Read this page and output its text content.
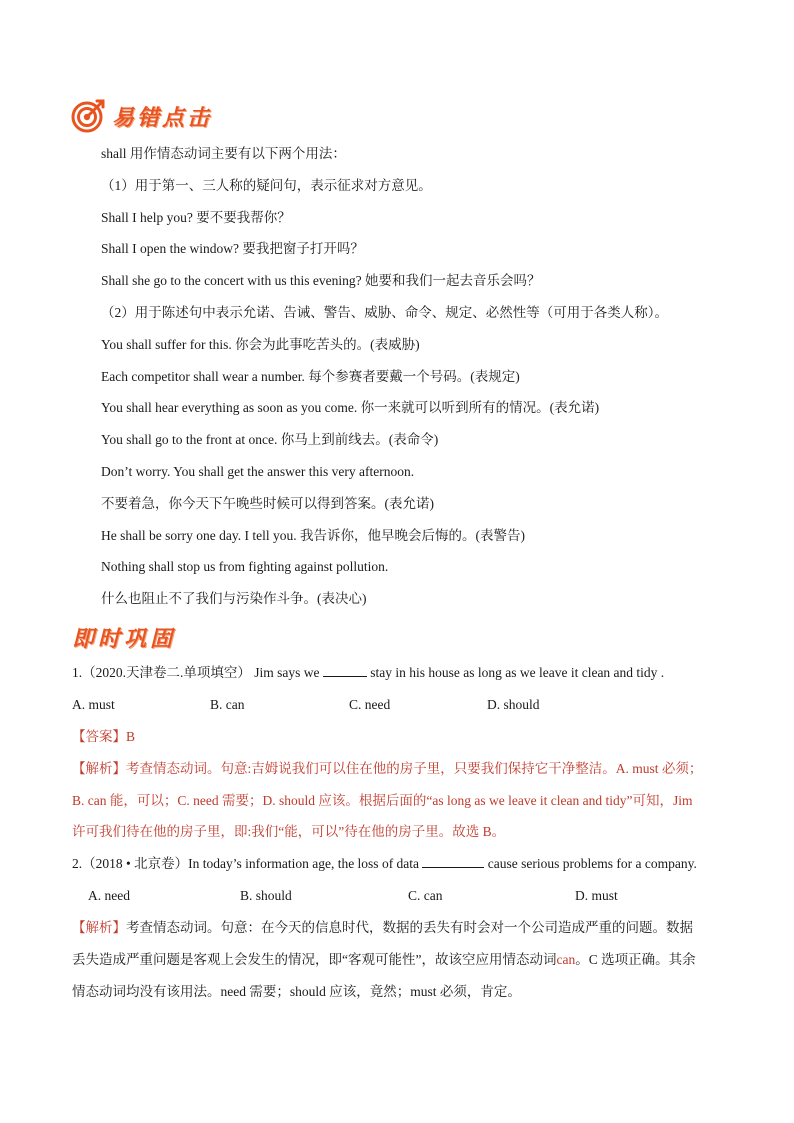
易错点击
shall 用作情态动词主要有以下两个用法：
（1）用于第一、三人称的疑问句，表示征求对方意见。
Shall I help you? 要不要我帮你？
Shall I open the window? 要我把窗子打开吗？
Shall she go to the concert with us this evening? 她要和我们一起去音乐会吗？
（2）用于陈述句中表示允诺、告诫、警告、威胁、命令、规定、必然性等（可用于各类人称）。
You shall suffer for this. 你会为此事吃苦头的。(表威胁)
Each competitor shall wear a number. 每个参赛者要戴一个号码。(表规定)
You shall hear everything as soon as you come. 你一来就可以听到所有的情况。(表允诺)
You shall go to the front at once. 你马上到前线去。(表命令)
Don’t worry. You shall get the answer this very afternoon.
不要着急，你今天下午晚些时候可以得到答案。(表允诺)
He shall be sorry one day. I tell you. 我告诉你，他早晚会后悔的。(表警告)
Nothing shall stop us from fighting against pollution.
什么也阻止不了我们与污染作斗争。(表决心)
即时巩固
1.（2020.天津卷二.单项填空） Jim says we	stay in his house as long as we leave it clean and tidy .
A. must	B. can	C. need	D. should
【答案】B
【解析】考查情态动词。句意:吉姆说我们可以住在他的房子里，只要我们保持它干净整洁。A. must 必须；
B. can 能，可以；C. need 需要；D. should 应该。根据后面的“as long as we leave it clean and tidy”可知，Jim
许可我们待在他的房子里，即:我们“能，可以”待在他的房子里。故选 B。
2.（2018 • 北京卷）In today’s information age, the loss of data	cause serious problems for a company.
A. need	B. should	C. can	D. must
【解析】考查情态动词。句意：在今天的信息时代，数据的丢失有时会对一个公司造成严重的问题。数据
丢失造成严重问题是客观上会发生的情况，即“客观可能性”，故该空应用情态动词can。C 选项正确。其余
情态动词均没有该用法。need 需要；should 应该，竟然；must 必须，肯定。
